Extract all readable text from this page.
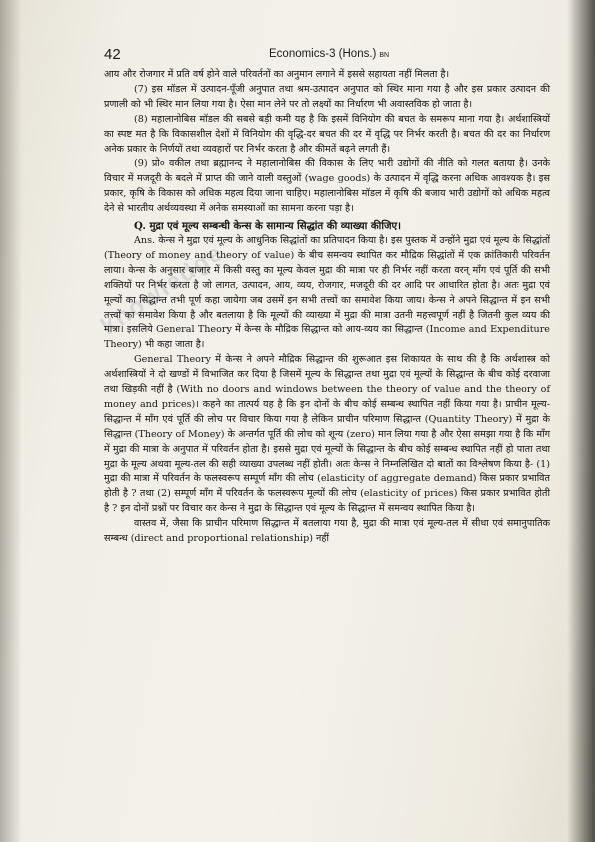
42	Economics-3 (Hons.) BN
knowledge

आय और रोजगार में प्रति वर्ष होने वाले परिवर्तनों का अनुमान लगाने में इससे सहायता नहीं मिलता है।

(7) इस मॉडल में उत्पादन-पूँजी अनुपात तथा श्रम-उत्पादन अनुपात को स्थिर माना गया है और इस प्रकार उत्पादन की प्रणाली को भी स्थिर मान लिया गया है। ऐसा मान लेने पर तो लक्ष्यों का निर्धारण भी अवास्तविक हो जाता है।

(8) महालानोबिस मॉडल की सबसे बड़ी कमी यह है कि इसमें विनियोग की बचत के समरूप माना गया है। अर्थशास्त्रियों का स्पष्ट मत है कि विकासशील देशों में विनियोग की वृद्धि-दर बचत की दर में वृद्धि पर निर्भर करती है। बचत की दर का निर्धारण अनेक प्रकार के निर्णयों तथा व्यवहारों पर निर्भर करता है और कीमतें बढ़ने लगती हैं।

(9) प्रो० वकील तथा ब्रह्मानन्द ने महालानोबिस की विकास के लिए भारी उद्योगों की नीति को गलत बताया है। उनके विचार में मजदूरी के बदले में प्राप्त की जाने वाली वस्तुओं (wage goods) के उत्पादन में वृद्धि करना अधिक आवश्यक है। इस प्रकार, कृषि के विकास को अधिक महत्व दिया जाना चाहिए। महालानोबिस मॉडल में कृषि की बजाय भारी उद्योगों को अधिक महत्व देने से भारतीय अर्थव्यवस्था में अनेक समस्याओं का सामना करना पड़ा है।

Q. मुद्रा एवं मूल्य सम्बन्धी केन्स के सामान्य सिद्धांत की व्याख्या कीजिए।

Ans. केन्स ने मुद्रा एवं मूल्य के आधुनिक सिद्धांतों का प्रतिपादन किया है। इस पुस्तक में उन्होंने मुद्रा एवं मूल्य के सिद्धांतों (Theory of money and theory of value) के बीच समन्वय स्थापित कर मौद्रिक सिद्धांतों में एक क्रांतिकारी परिवर्तन लाया। केन्स के अनुसार बाजार में किसी वस्तु का मूल्य केवल मुद्रा की मात्रा पर ही निर्भर नहीं करता वरन् माँग एवं पूर्ति की सभी शक्तियों पर निर्भर करता है जो लागत, उत्पादन, आय, व्यय, रोजगार, मजदूरी की दर आदि पर आधारित होता है। अतः मुद्रा एवं मूल्यों का सिद्धान्त तभी पूर्ण कहा जायेगा जब उसमें इन सभी तत्त्वों का समावेश किया जाय। केन्स ने अपने सिद्धान्त में इन सभी तत्त्वों का समावेश किया है और बतलाया है कि मूल्यों की व्याख्या में मुद्रा की मात्रा उतनी महत्त्वपूर्ण नहीं है जितनी कुल व्यय की मात्रा। इसलिये General Theory में केन्स के मौद्रिक सिद्धान्त को आय-व्यय का सिद्धान्त (Income and Expenditure Theory) भी कहा जाता है।

General Theory में केन्स ने अपने मौद्रिक सिद्धान्त की शुरूआत इस शिकायत के साथ की है कि अर्थशास्त्र को अर्थशास्त्रियों ने दो खण्डों में विभाजित कर दिया है जिसमें मूल्य के सिद्धान्त तथा मुद्रा एवं मूल्यों के सिद्धान्त के बीच कोई दरवाजा तथा खिड़की नहीं है (With no doors and windows between the theory of value and the theory of money and prices)। कहने का तात्पर्य यह है कि इन दोनों के बीच कोई सम्बन्ध स्थापित नहीं किया गया है। प्राचीन मूल्य-सिद्धान्त में माँग एवं पूर्ति की लोच पर विचार किया गया है लेकिन प्राचीन परिमाण सिद्धान्त (Quantity Theory) में मुद्रा के सिद्धान्त (Theory of Money) के अन्तर्गत पूर्ति की लोच को शून्य (zero) मान लिया गया है और ऐसा समझा गया है कि माँग में मुद्रा की मात्रा के अनुपात में परिवर्तन होता है। इससे मुद्रा एवं मूल्यों के सिद्धान्त के बीच कोई सम्बन्ध स्थापित नहीं हो पाता तथा मुद्रा के मूल्य अथवा मूल्य-तल की सही व्याख्या उपलब्ध नहीं होती। अतः केन्स ने निम्नलिखित दो बातों का विश्लेषण किया है- (1) मुद्रा की मात्रा में परिवर्तन के फलस्वरूप सम्पूर्ण माँग की लोच (elasticity of aggregate demand) किस प्रकार प्रभावित होती है ? तथा (2) सम्पूर्ण माँग में परिवर्तन के फलस्वरूप मूल्यों की लोच (elasticity of prices) किस प्रकार प्रभावित होती है ? इन दोनों प्रश्नों पर विचार कर केन्स ने मुद्रा के सिद्धान्त एवं मूल्य के सिद्धान्त में समन्वय स्थापित किया है।

वास्तव में, जैसा कि प्राचीन परिमाण सिद्धान्त में बतलाया गया है, मुद्रा की मात्रा एवं मूल्य-तल में सीधा एवं समानुपातिक सम्बन्ध (direct and proportional relationship) नहीं
